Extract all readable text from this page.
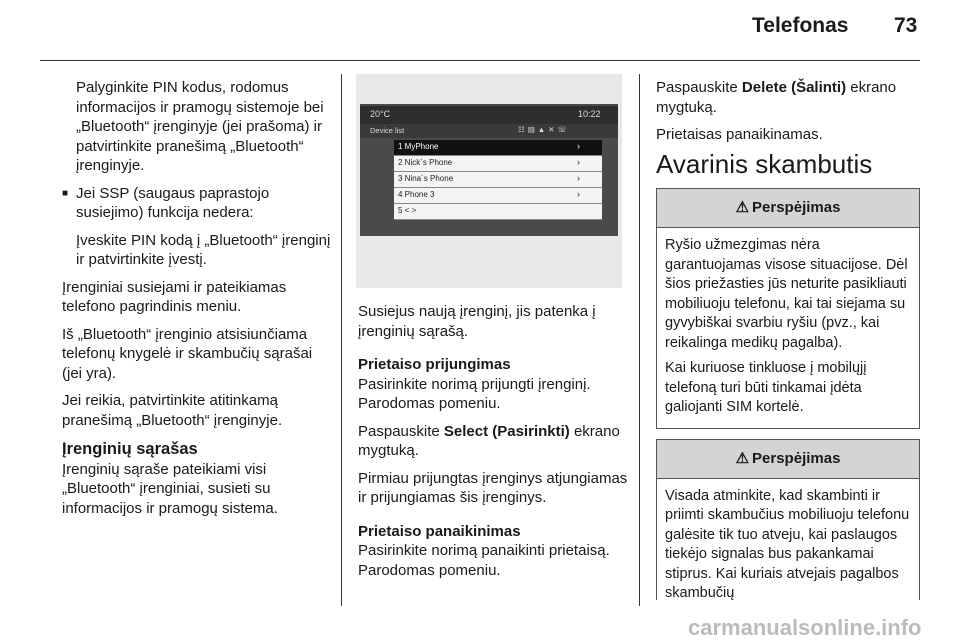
Telefonas 73

Palyginkite PIN kodus, rodomus informacijos ir pramogų sistemoje bei „Bluetooth“ įrenginyje (jei prašoma) ir patvirtinkite pranešimą „Bluetooth“ įrenginyje.

■ Jei SSP (saugaus paprastojo susiejimo) funkcija nedera:

Įveskite PIN kodą į „Bluetooth“ įrenginį ir patvirtinkite įvestį.

Įrenginiai susiejami ir pateikiamas telefono pagrindinis meniu.

Iš „Bluetooth“ įrenginio atsisiunčiama telefonų knygelė ir skambučių sąrašai (jei yra).

Jei reikia, patvirtinkite atitinkamą pranešimą „Bluetooth“ įrenginyje.

Įrenginių sąrašas

Įrenginių sąraše pateikiami visi „Bluetooth“ įrenginiai, susieti su informacijos ir pramogų sistema.

20°C	10:22
Device list	☷▤▲✕☏
1 MyPhone	›
2 Nick´s Phone	›
3 Nina´s Phone	›
4 Phone 3	›
5 < >

Susiejus naują įrenginį, jis patenka į įrenginių sąrašą.

Prietaiso prijungimas

Pasirinkite norimą prijungti įrenginį. Parodomas pomeniu.

Paspauskite Select (Pasirinkti) ekrano mygtuką.

Pirmiau prijungtas įrenginys atjungiamas ir prijungiamas šis įrenginys.

Prietaiso panaikinimas

Pasirinkite norimą panaikinti prietaisą. Parodomas pomeniu.

Paspauskite Delete (Šalinti) ekrano mygtuką.

Prietaisas panaikinamas.

Avarinis skambutis
⚠ Perspėjimas

Ryšio užmezgimas nėra garantuojamas visose situacijose. Dėl šios priežasties jūs neturite pasikliauti mobiliuoju telefonu, kai tai siejama su gyvybiškai svarbiu ryšiu (pvz., kai reikalinga medikų pagalba).

Kai kuriuose tinkluose į mobilųjį telefoną turi būti tinkamai įdėta galiojanti SIM kortelė.

⚠ Perspėjimas

Visada atminkite, kad skambinti ir priimti skambučius mobiliuoju telefonu galėsite tik tuo atveju, kai paslaugos tiekėjo signalas bus pakankamai stiprus. Kai kuriais atvejais pagalbos skambučių

carmanualsonline.info
